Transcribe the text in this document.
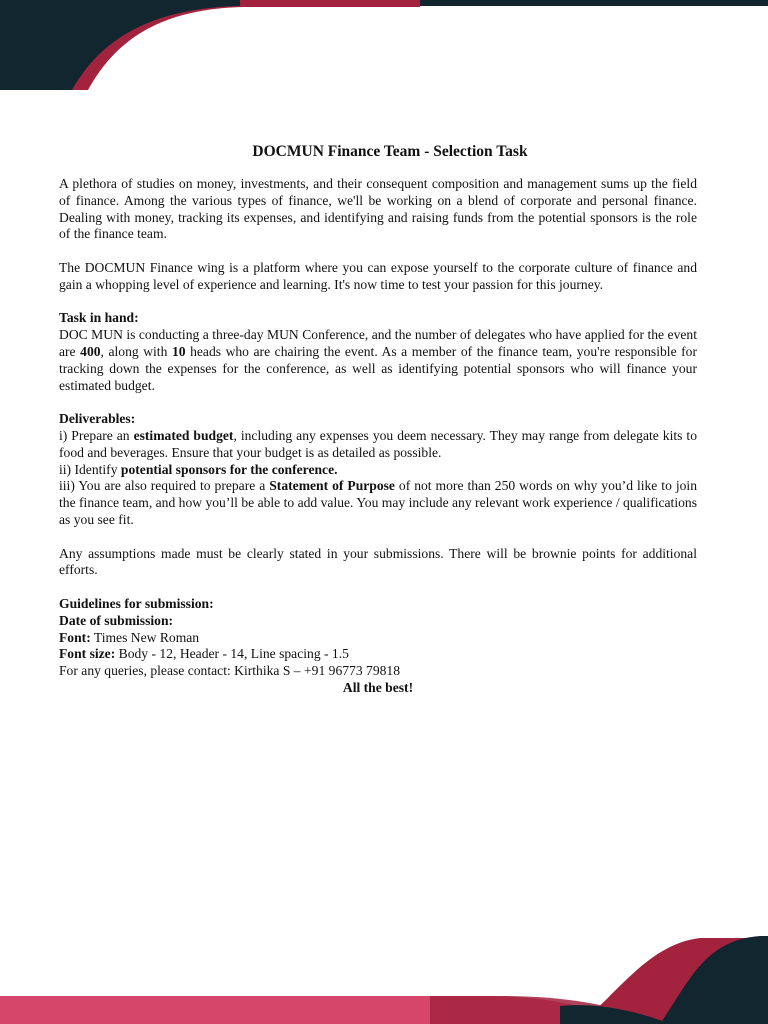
DOCMUN Finance Team - Selection Task

A plethora of studies on money, investments, and their consequent composition and management sums up the field of finance. Among the various types of finance, we'll be working on a blend of corporate and personal finance. Dealing with money, tracking its expenses, and identifying and raising funds from the potential sponsors is the role of the finance team.

The DOCMUN Finance wing is a platform where you can expose yourself to the corporate culture of finance and gain a whopping level of experience and learning. It's now time to test your passion for this journey.

Task in hand:

DOC MUN is conducting a three-day MUN Conference, and the number of delegates who have applied for the event are 400, along with 10 heads who are chairing the event. As a member of the finance team, you're responsible for tracking down the expenses for the conference, as well as identifying potential sponsors who will finance your estimated budget.

Deliverables:

i) Prepare an estimated budget, including any expenses you deem necessary. They may range from delegate kits to food and beverages. Ensure that your budget is as detailed as possible.

ii) Identify potential sponsors for the conference.

iii) You are also required to prepare a Statement of Purpose of not more than 250 words on why you’d like to join the finance team, and how you’ll be able to add value. You may include any relevant work experience / qualifications as you see fit.

Any assumptions made must be clearly stated in your submissions. There will be brownie points for additional efforts.

Guidelines for submission:
Date of submission:
Font: Times New Roman
Font size: Body - 12, Header - 14, Line spacing - 1.5
For any queries, please contact: Kirthika S – +91 96773 79818
All the best!
